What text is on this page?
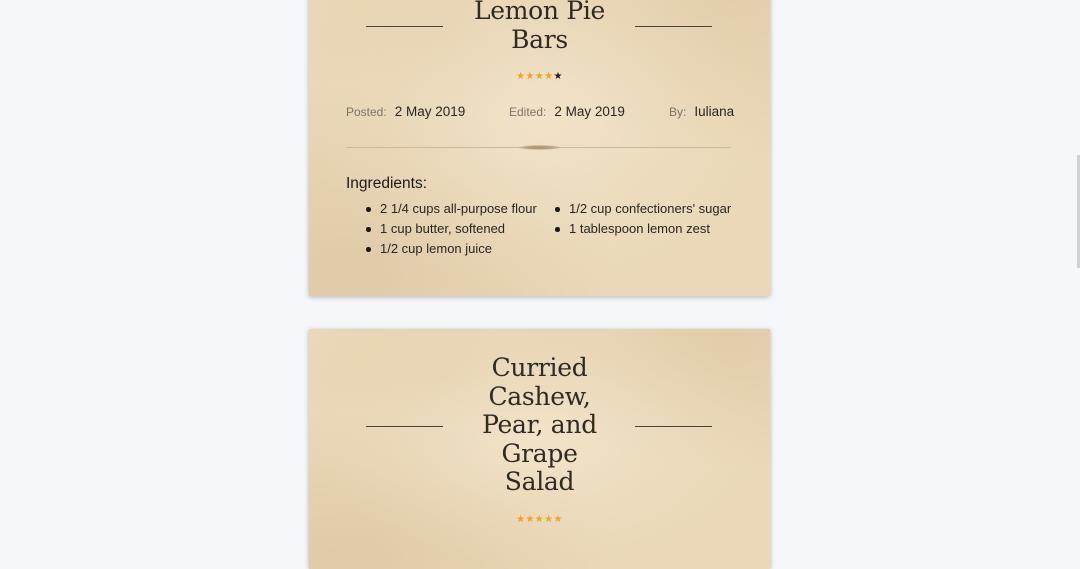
Lemon Pie Bars
★★★★★
Posted: 2 May 2019	Edited: 2 May 2019	By: Iuliana
Ingredients:
2 1/4 cups all-purpose flour
1 cup butter, softened
1/2 cup lemon juice
1/2 cup confectioners' sugar
1 tablespoon lemon zest
Curried Cashew, Pear, and Grape Salad
★★★★★
